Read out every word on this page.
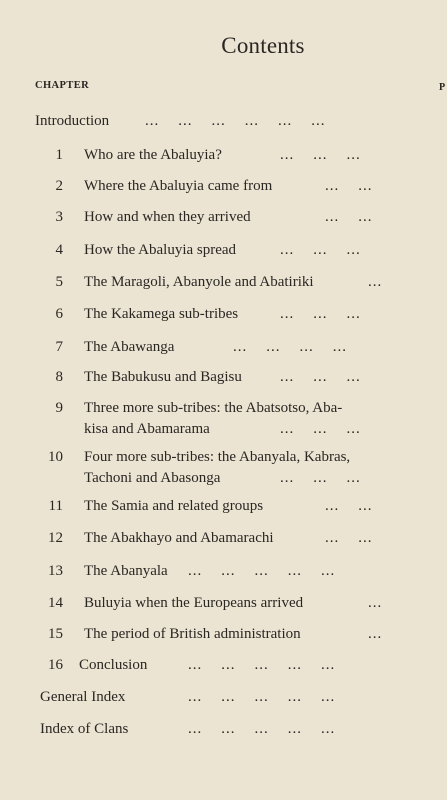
Contents
CHAPTER	P
Introduction ...    ...    ...    ...    ...    ...
1 Who are the Abaluyia?	...    ...    ...
2 Where the Abaluyia came from	...    ...
3 How and when they arrived	...    ...
4 How the Abaluyia spread	...    ...    ...
5 The Maragoli, Abanyole and Abatiriki	...
6 The Kakamega sub-tribes	...    ...    ...
7 The Abawanga	...    ...    ...    ...
8 The Babukusu and Bagisu	...    ...    ...
9 Three more sub-tribes: the Abatsotso, Aba-
kisa and Abamarama	...    ...    ...
10 Four more sub-tribes: the Abanyala, Kabras,
Tachoni and Abasonga	...    ...    ...
11 The Samia and related groups	...    ...
12 The Abakhayo and Abamarachi	...    ...
13 The Abanyala	...    ...    ...    ...    ...
14 Buluyia when the Europeans arrived	...
15 The period of British administration	...
16 Conclusion	...    ...    ...    ...    ...
General Index	...    ...    ...    ...    ...
Index of Clans	...    ...    ...    ...    ...
